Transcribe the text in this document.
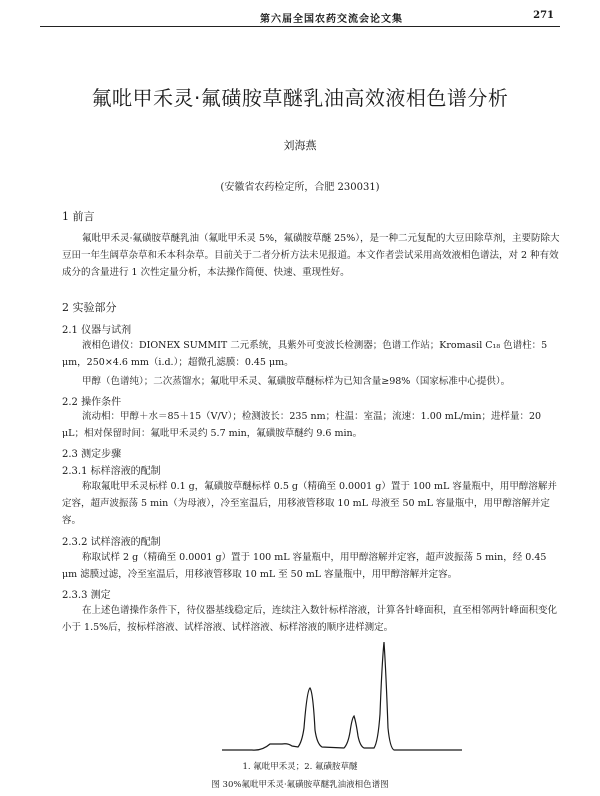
第六届全国农药交流会论文集	271
氟吡甲禾灵·氟磺胺草醚乳油高效液相色谱分析
刘海燕
(安徽省农药检定所，合肥 230031)
1 前言

氟吡甲禾灵·氟磺胺草醚乳油（氟吡甲禾灵 5%，氟磺胺草醚 25%），是一种二元复配的大豆田除草剂，主要防除大豆田一年生阔草杂草和禾本科杂草。目前关于二者分析方法未见报道。本文作者尝试采用高效液相色谱法，对 2 种有效成分的含量进行 1 次性定量分析，本法操作简便、快速、重现性好。

2 实验部分
2.1 仪器与试剂

液相色谱仪：DIONEX SUMMIT 二元系统，具紫外可变波长检测器；色谱工作站；Kromasil C₁₈ 色谱柱：5 μm，250×4.6 mm（i.d.）；超微孔滤膜：0.45 μm。

甲醇（色谱纯）；二次蒸馏水；氟吡甲禾灵、氟磺胺草醚标样为已知含量≥98%（国家标准中心提供）。

2.2 操作条件

流动相：甲醇＋水＝85＋15（V/V）；检测波长：235 nm；柱温：室温；流速：1.00 mL/min；进样量：20 μL；相对保留时间：氟吡甲禾灵约 5.7 min，氟磺胺草醚约 9.6 min。

2.3 测定步骤
2.3.1 标样溶液的配制

称取氟吡甲禾灵标样 0.1 g，氟磺胺草醚标样 0.5 g（精确至 0.0001 g）置于 100 mL 容量瓶中，用甲醇溶解并定容，超声波振荡 5 min（为母液），冷至室温后，用移液管移取 10 mL 母液至 50 mL 容量瓶中，用甲醇溶解并定容。

2.3.2 试样溶液的配制

称取试样 2 g（精确至 0.0001 g）置于 100 mL 容量瓶中，用甲醇溶解并定容，超声波振荡 5 min，经 0.45 μm 滤膜过滤，冷至室温后，用移液管移取 10 mL 至 50 mL 容量瓶中，用甲醇溶解并定容。

2.3.3 测定

在上述色谱操作条件下，待仪器基线稳定后，连续注入数针标样溶液，计算各针峰面积，直至相邻两针峰面积变化小于 1.5%后，按标样溶液、试样溶液、试样溶液、标样溶液的顺序进样测定。

1. 氟吡甲禾灵；2. 氟磺胺草醚
图 30%氟吡甲禾灵·氟磺胺草醚乳油液相色谱图
